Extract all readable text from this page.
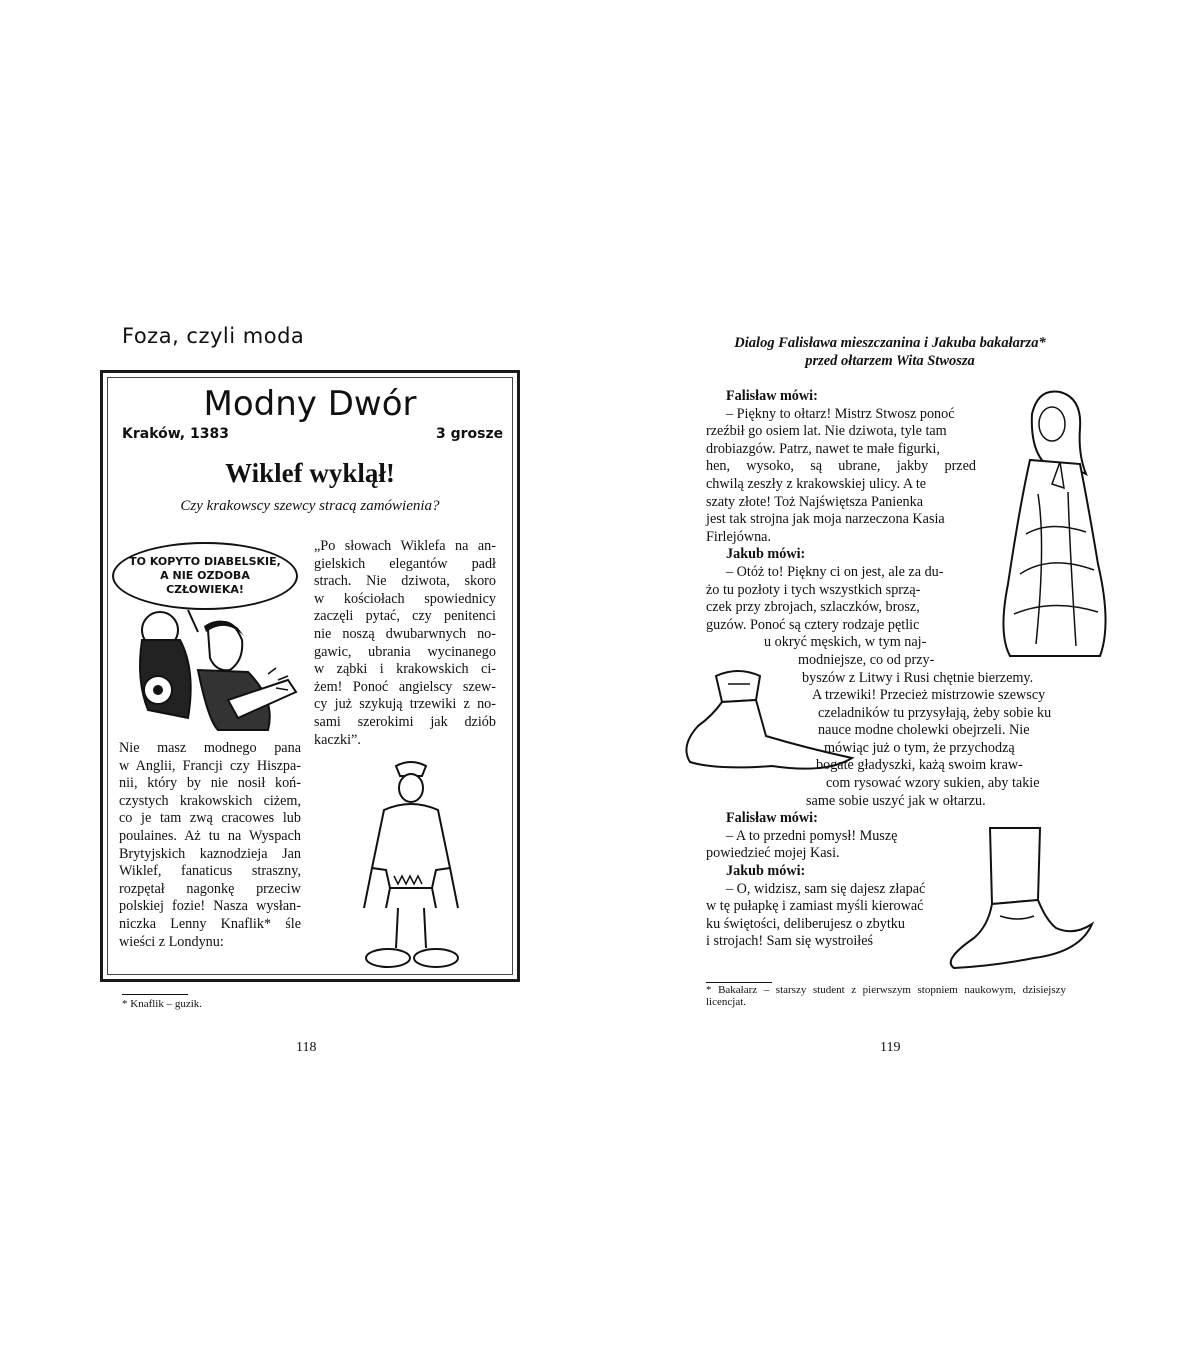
Foza, czyli moda
Modny Dwór
Kraków, 1383	3 grosze
Wiklef wyklął!
Czy krakowscy szewcy stracą zamówienia?
TO KOPYTO DIABELSKIE,
A NIE OZDOBA
CZŁOWIEKA!
Nie masz modnego pana
w Anglii, Francji czy Hiszpa-
nii, który by nie nosił koń-
czystych krakowskich ciżem,
co je tam zwą cracowes lub
poulaines. Aż tu na Wyspach
Brytyjskich kaznodzieja Jan
Wiklef, fanaticus straszny,
rozpętał nagonkę przeciw
polskiej fozie! Nasza wysłan-
niczka Lenny Knaflik* śle
wieści z Londynu:
„Po słowach Wiklefa na an-
gielskich elegantów padł
strach. Nie dziwota, skoro
w kościołach spowiednicy
zaczęli pytać, czy penitenci
nie noszą dwubarwnych no-
gawic, ubrania wycinanego
w ząbki i krakowskich ci-
żem! Ponoć angielscy szew-
cy już szykują trzewiki z no-
sami szerokimi jak dziób
kaczki”.
* Knaflik – guzik.
118
Dialog Falisława mieszczanina i Jakuba bakałarza*
przed ołtarzem Wita Stwosza
Falisław mówi:
– Piękny to ołtarz! Mistrz Stwosz ponoć
rzeźbił go osiem lat. Nie dziwota, tyle tam
drobiazgów. Patrz, nawet te małe figurki,
hen, wysoko, są ubrane, jakby przed
chwilą zeszły z krakowskiej ulicy. A te
szaty złote! Toż Najświętsza Panienka
jest tak strojna jak moja narzeczona Kasia
Firlejówna.
Jakub mówi:
– Otóż to! Piękny ci on jest, ale za du-
żo tu pozłoty i tych wszystkich sprzą-
czek przy zbrojach, szlaczków, brosz,
guzów. Ponoć są cztery rodzaje pętlic
u okryć męskich, w tym naj-
modniejsze, co od przy-
byszów z Litwy i Rusi chętnie bierzemy.
A trzewiki! Przecież mistrzowie szewscy
czeladników tu przysyłają, żeby sobie ku
nauce modne cholewki obejrzeli. Nie
mówiąc już o tym, że przychodzą
bogate gładyszki, każą swoim kraw-
com rysować wzory sukien, aby takie
same sobie uszyć jak w ołtarzu.
Falisław mówi:
– A to przedni pomysł! Muszę
powiedzieć mojej Kasi.
Jakub mówi:
– O, widzisz, sam się dajesz złapać
w tę pułapkę i zamiast myśli kierować
ku świętości, deliberujesz o zbytku
i strojach! Sam się wystroiłeś
* Bakałarz – starszy student z pierwszym stopniem naukowym, dzisiejszy licencjat.
119
